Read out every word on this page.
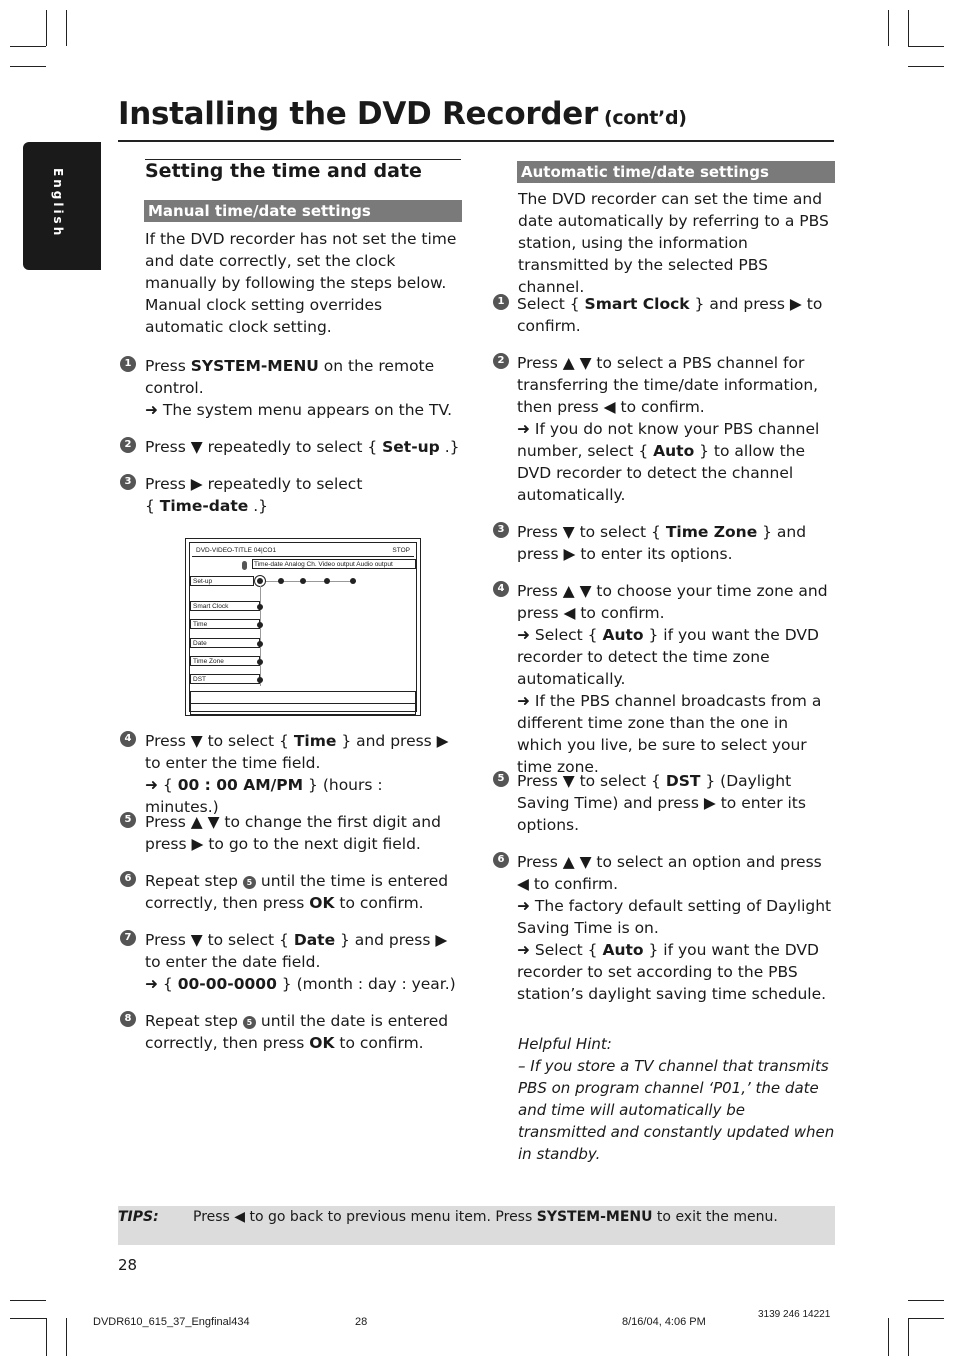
English
Installing the DVD Recorder (cont’d)
Setting the time and date
Manual time/date settings
If the DVD recorder has not set the time and date correctly, set the clock manually by following the steps below. Manual clock setting overrides automatic clock setting.
1 Press SYSTEM-MENU on the remote control.
➜ The system menu appears on the TV.
2 Press ▼ repeatedly to select { Set-up .}
3 Press ▶ repeatedly to select
{ Time-date .}
DVD-VIDEO-TITLE 04|CO1	STOP
Time-date Analog Ch. Video output Audio output
Set-up
Smart Clock
Time
Date
Time Zone
DST
4 Press ▼ to select { Time } and press ▶ to enter the time field.
➜ { 00 : 00 AM/PM } (hours : minutes.)
5 Press ▲ ▼ to change the first digit and press ▶ to go to the next digit field.
6 Repeat step 5 until the time is entered correctly, then press OK to confirm.
7 Press ▼ to select { Date } and press ▶ to enter the date field.
➜ { 00-00-0000 } (month : day : year.)
8 Repeat step 5 until the date is entered correctly, then press OK to confirm.
Automatic time/date settings
The DVD recorder can set the time and date automatically by referring to a PBS station, using the information transmitted by the selected PBS channel.
1 Select { Smart Clock } and press ▶ to confirm.
2 Press ▲ ▼ to select a PBS channel for transferring the time/date information, then press ◀ to confirm.
➜ If you do not know your PBS channel number, select { Auto } to allow the DVD recorder to detect the channel automatically.
3 Press ▼ to select { Time Zone } and press ▶ to enter its options.
4 Press ▲ ▼ to choose your time zone and press ◀ to confirm.
➜ Select { Auto } if you want the DVD recorder to detect the time zone automatically.
➜ If the PBS channel broadcasts from a different time zone than the one in which you live, be sure to select your time zone.
5 Press ▼ to select { DST } (Daylight Saving Time) and press ▶ to enter its options.
6 Press ▲ ▼ to select an option and press ◀ to confirm.
➜ The factory default setting of Daylight Saving Time is on.
➜ Select { Auto } if you want the DVD recorder to set according to the PBS station’s daylight saving time schedule.
Helpful Hint:
– If you store a TV channel that transmits PBS on program channel ‘P01,’ the date and time will automatically be transmitted and constantly updated when in standby.
TIPS: Press ◀ to go back to previous menu item. Press SYSTEM-MENU to exit the menu.
28
DVDR610_615_37_Engfinal434	28	8/16/04, 4:06 PM
3139 246 14221
